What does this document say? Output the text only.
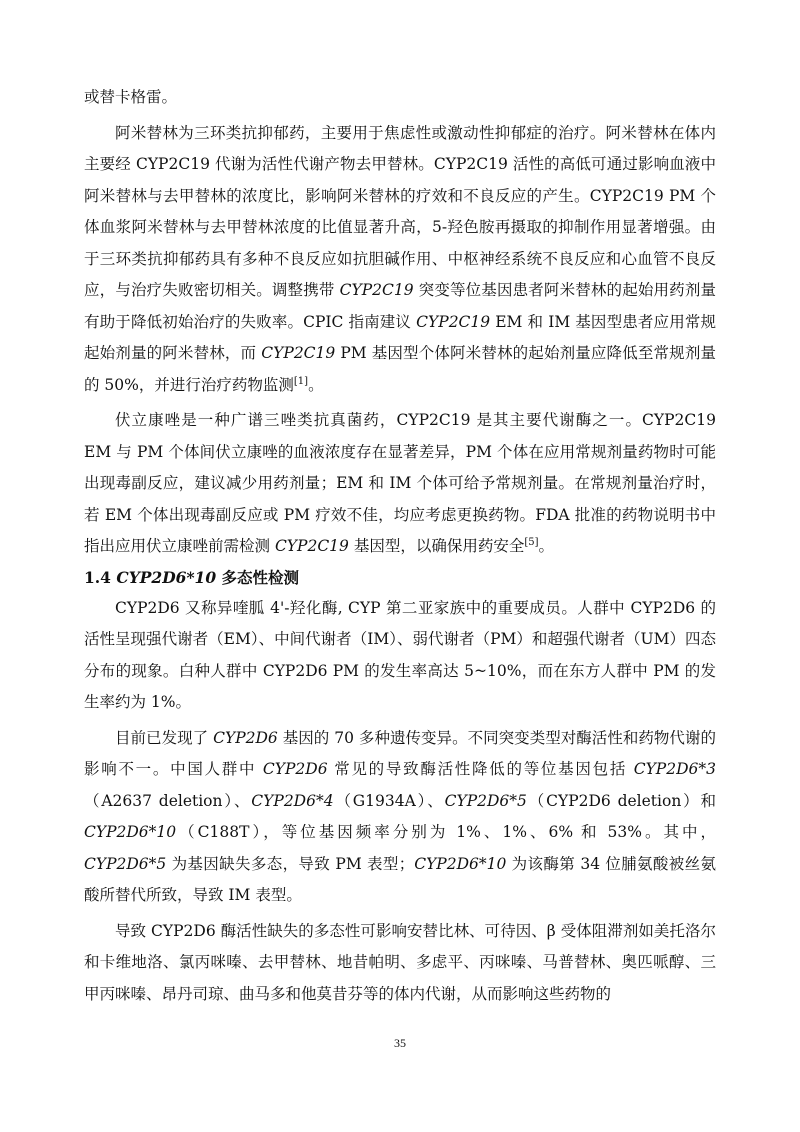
或替卡格雷。

阿米替林为三环类抗抑郁药，主要用于焦虑性或激动性抑郁症的治疗。阿米替林在体内主要经 CYP2C19 代谢为活性代谢产物去甲替林。CYP2C19 活性的高低可通过影响血液中阿米替林与去甲替林的浓度比，影响阿米替林的疗效和不良反应的产生。CYP2C19 PM 个体血浆阿米替林与去甲替林浓度的比值显著升高，5-羟色胺再摄取的抑制作用显著增强。由于三环类抗抑郁药具有多种不良反应如抗胆碱作用、中枢神经系统不良反应和心血管不良反应，与治疗失败密切相关。调整携带 CYP2C19 突变等位基因患者阿米替林的起始用药剂量有助于降低初始治疗的失败率。CPIC 指南建议 CYP2C19 EM 和 IM 基因型患者应用常规起始剂量的阿米替林，而 CYP2C19 PM 基因型个体阿米替林的起始剂量应降低至常规剂量的 50%，并进行治疗药物监测[1]。

伏立康唑是一种广谱三唑类抗真菌药，CYP2C19 是其主要代谢酶之一。CYP2C19 EM 与 PM 个体间伏立康唑的血液浓度存在显著差异，PM 个体在应用常规剂量药物时可能出现毒副反应，建议减少用药剂量；EM 和 IM 个体可给予常规剂量。在常规剂量治疗时，若 EM 个体出现毒副反应或 PM 疗效不佳，均应考虑更换药物。FDA 批准的药物说明书中指出应用伏立康唑前需检测 CYP2C19 基因型，以确保用药安全[5]。

1.4 CYP2D6*10 多态性检测

CYP2D6 又称异喹胍 4'-羟化酶, CYP 第二亚家族中的重要成员。人群中 CYP2D6 的活性呈现强代谢者（EM）、中间代谢者（IM）、弱代谢者（PM）和超强代谢者（UM）四态分布的现象。白种人群中 CYP2D6 PM 的发生率高达 5~10%，而在东方人群中 PM 的发生率约为 1%。

目前已发现了 CYP2D6 基因的 70 多种遗传变异。不同突变类型对酶活性和药物代谢的影响不一。中国人群中 CYP2D6 常见的导致酶活性降低的等位基因包括 CYP2D6*3（A2637 deletion）、CYP2D6*4（G1934A）、CYP2D6*5（CYP2D6 deletion）和 CYP2D6*10（C188T），等位基因频率分别为 1%、1%、6% 和 53%。其中，CYP2D6*5 为基因缺失多态，导致 PM 表型；CYP2D6*10 为该酶第 34 位脯氨酸被丝氨酸所替代所致，导致 IM 表型。

导致 CYP2D6 酶活性缺失的多态性可影响安替比林、可待因、β 受体阻滞剂如美托洛尔和卡维地洛、氯丙咪嗪、去甲替林、地昔帕明、多虑平、丙咪嗪、马普替林、奥匹哌醇、三甲丙咪嗪、昂丹司琼、曲马多和他莫昔芬等的体内代谢，从而影响这些药物的

35
